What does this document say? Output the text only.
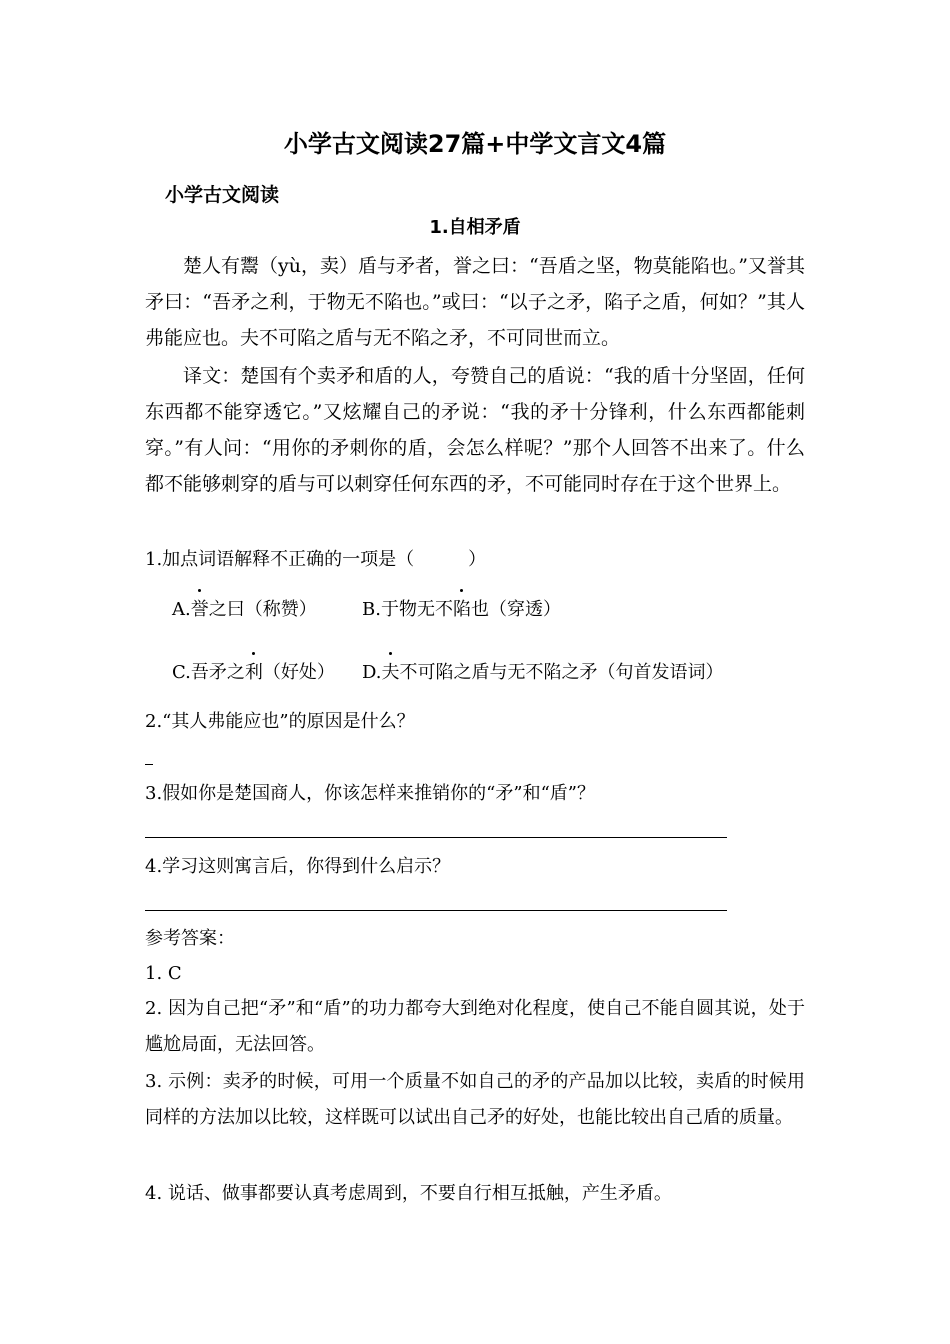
小学古文阅读27篇+中学文言文4篇
小学古文阅读
1.自相矛盾
楚人有鬻（yù，卖）盾与矛者，誉之曰：“吾盾之坚，物莫能陷也。”又誉其矛曰：“吾矛之利，于物无不陷也。”或曰：“以子之矛，陷子之盾，何如？”其人弗能应也。夫不可陷之盾与无不陷之矛，不可同世而立。
译文：楚国有个卖矛和盾的人，夸赞自己的盾说：“我的盾十分坚固，任何东西都不能穿透它。”又炫耀自己的矛说：“我的矛十分锋利，什么东西都能刺穿。”有人问：“用你的矛刺你的盾，会怎么样呢？”那个人回答不出来了。什么都不能够刺穿的盾与可以刺穿任何东西的矛，不可能同时存在于这个世界上。
1.加点词语解释不正确的一项是（　　　）
A.誉之曰（称赞）	B.于物无不陷也（穿透）
C.吾矛之利（好处） D.夫不可陷之盾与无不陷之矛（句首发语词）
2.“其人弗能应也”的原因是什么？
3.假如你是楚国商人，你该怎样来推销你的“矛”和“盾”？
4.学习这则寓言后，你得到什么启示？
参考答案：
1. C
2. 因为自己把“矛”和“盾”的功力都夸大到绝对化程度，使自己不能自圆其说，处于尴尬局面，无法回答。
3. 示例：卖矛的时候，可用一个质量不如自己的矛的产品加以比较，卖盾的时候用同样的方法加以比较，这样既可以试出自己矛的好处，也能比较出自己盾的质量。
4. 说话、做事都要认真考虑周到，不要自行相互抵触，产生矛盾。
